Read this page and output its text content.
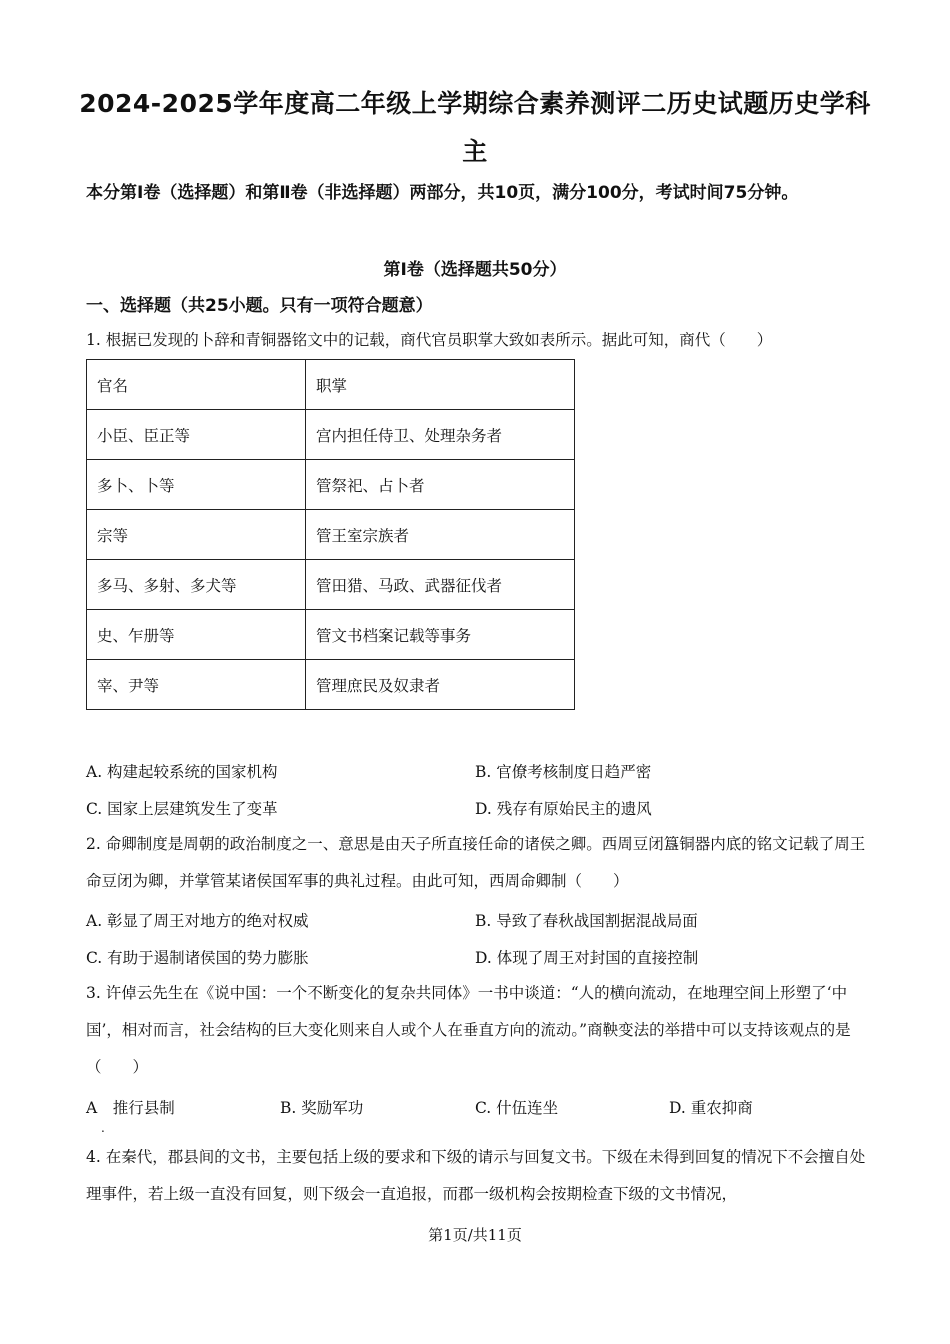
2024-2025学年度高二年级上学期综合素养测评二历史试题历史学科
主
本分第Ⅰ卷（选择题）和第Ⅱ卷（非选择题）两部分，共10页，满分100分，考试时间75分钟。
第Ⅰ卷（选择题共50分）
一、选择题（共25小题。只有一项符合题意）
1. 根据已发现的卜辞和青铜器铭文中的记载，商代官员职掌大致如表所示。据此可知，商代（　　）
官名	职掌
小臣、臣正等	宫内担任侍卫、处理杂务者
多卜、卜等	管祭祀、占卜者
宗等	管王室宗族者
多马、多射、多犬等	管田猎、马政、武器征伐者
史、乍册等	管文书档案记载等事务
宰、尹等	管理庶民及奴隶者
A. 构建起较系统的国家机构	B. 官僚考核制度日趋严密
C. 国家上层建筑发生了变革	D. 残存有原始民主的遗风
2. 命卿制度是周朝的政治制度之一、意思是由天子所直接任命的诸侯之卿。西周豆闭簋铜器内底的铭文记载了周王命豆闭为卿，并掌管某诸侯国军事的典礼过程。由此可知，西周命卿制（　　）
A. 彰显了周王对地方的绝对权威	B. 导致了春秋战国割据混战局面
C. 有助于遏制诸侯国的势力膨胀	D. 体现了周王对封国的直接控制
3. 许倬云先生在《说中国：一个不断变化的复杂共同体》一书中谈道：“人的横向流动，在地理空间上形塑了‘中国’，相对而言，社会结构的巨大变化则来自人或个人在垂直方向的流动。”商鞅变法的举措中可以支持该观点的是（　　）
A　推行县制	B. 奖励军功	C. 什伍连坐	D. 重农抑商
.
4. 在秦代，郡县间的文书，主要包括上级的要求和下级的请示与回复文书。下级在未得到回复的情况下不会擅自处理事件，若上级一直没有回复，则下级会一直追报，而郡一级机构会按期检查下级的文书情况，
第1页/共11页
